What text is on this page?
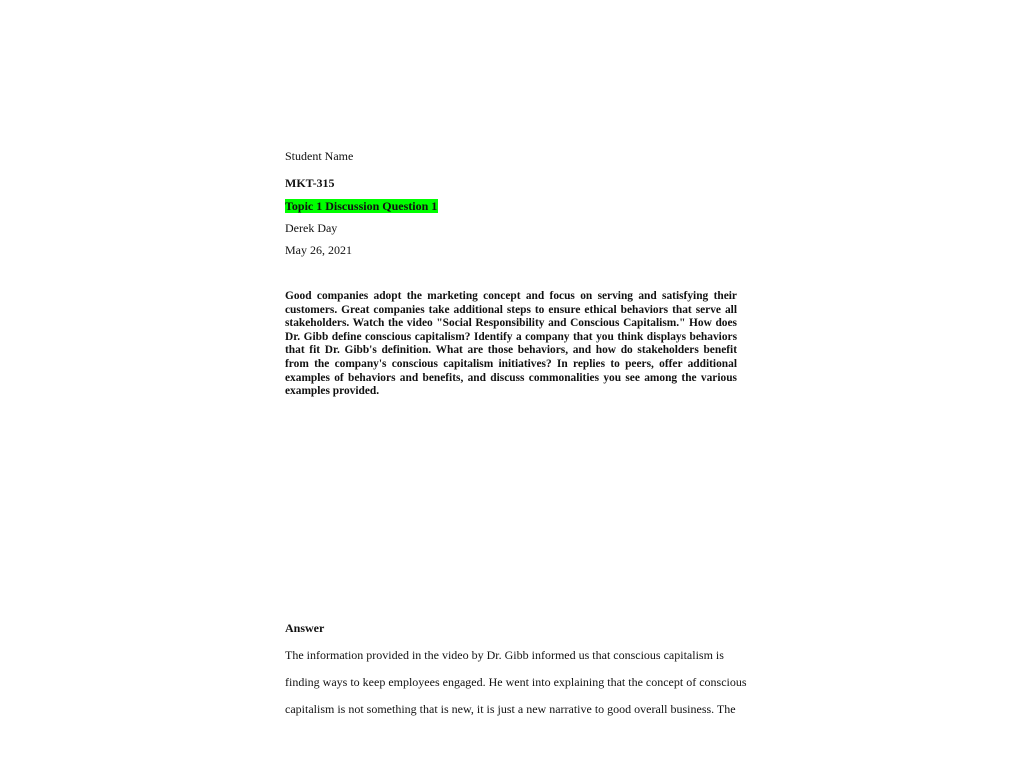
Student Name
MKT-315
Topic 1 Discussion Question 1
Derek Day
May 26, 2021
Good companies adopt the marketing concept and focus on serving and satisfying their customers. Great companies take additional steps to ensure ethical behaviors that serve all stakeholders. Watch the video "Social Responsibility and Conscious Capitalism." How does Dr. Gibb define conscious capitalism? Identify a company that you think displays behaviors that fit Dr. Gibb's definition. What are those behaviors, and how do stakeholders benefit from the company's conscious capitalism initiatives? In replies to peers, offer additional examples of behaviors and benefits, and discuss commonalities you see among the various examples provided.
Answer
The information provided in the video by Dr. Gibb informed us that conscious capitalism is
finding ways to keep employees engaged. He went into explaining that the concept of conscious
capitalism is not something that is new, it is just a new narrative to good overall business. The
